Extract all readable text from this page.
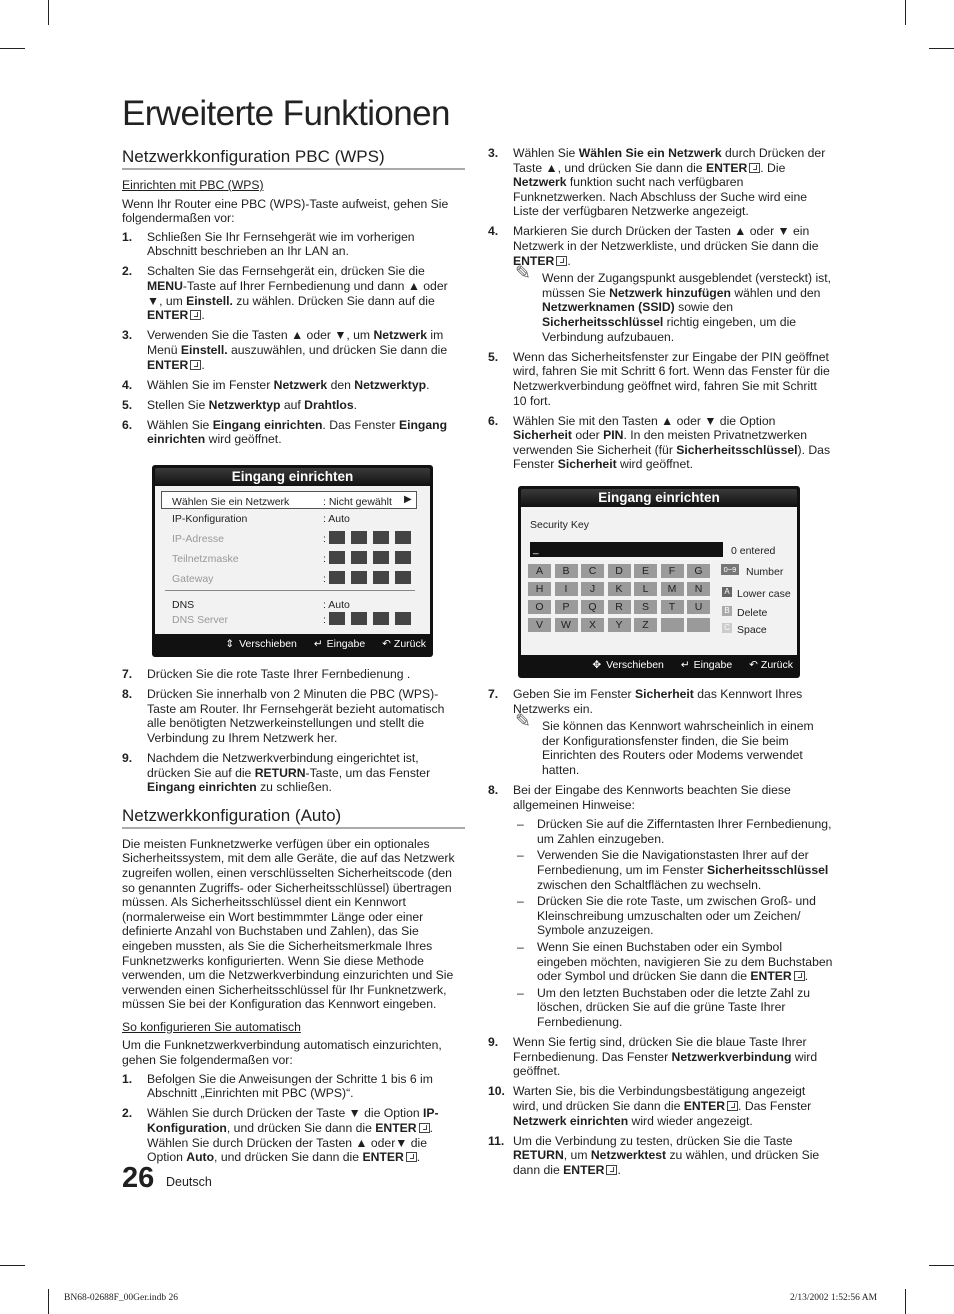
Erweiterte Funktionen
Netzwerkkonfiguration PBC (WPS)
Einrichten mit PBC (WPS)

Wenn Ihr Router eine PBC (WPS)-Taste aufweist, gehen Sie folgendermaßen vor:

1. Schließen Sie Ihr Fernsehgerät wie im vorherigen Abschnitt beschrieben an Ihr LAN an.
2. Schalten Sie das Fernsehgerät ein, drücken Sie die MENU-Taste auf Ihrer Fernbedienung und dann ▲ oder ▼, um Einstell. zu wählen. Drücken Sie dann auf die ENTER .
3. Verwenden Sie die Tasten ▲ oder ▼, um Netzwerk im Menü Einstell. auszuwählen, und drücken Sie dann die ENTER .
4. Wählen Sie im Fenster Netzwerk den Netzwerktyp.
5. Stellen Sie Netzwerktyp auf Drahtlos.
6. Wählen Sie Eingang einrichten. Das Fenster Eingang einrichten wird geöffnet.
Eingang einrichten
Wählen Sie ein Netzwerk	: Nicht gewählt ▶
IP-Konfiguration	: Auto
IP-Adresse	:
Teilnetzmaske	:
Gateway	:
DNS	: Auto
DNS Server	:
⇕ Verschieben ↵ Eingabe ↶ Zurück
7. Drücken Sie die rote Taste Ihrer Fernbedienung .
8. Drücken Sie innerhalb von 2 Minuten die PBC (WPS)-Taste am Router. Ihr Fernsehgerät bezieht automatisch alle benötigten Netzwerkeinstellungen und stellt die Verbindung zu Ihrem Netzwerk her.
9. Nachdem die Netzwerkverbindung eingerichtet ist, drücken Sie auf die RETURN-Taste, um das Fenster Eingang einrichten zu schließen.
Netzwerkkonfiguration (Auto)

Die meisten Funknetzwerke verfügen über ein optionales Sicherheitssystem, mit dem alle Geräte, die auf das Netzwerk zugreifen wollen, einen verschlüsselten Sicherheitscode (den so genannten Zugriffs- oder Sicherheitsschlüssel) übertragen müssen. Als Sicherheitsschlüssel dient ein Kennwort (normalerweise ein Wort bestimmmter Länge oder einer definierte Anzahl von Buchstaben und Zahlen), das Sie eingeben mussten, als Sie die Sicherheitsmerkmale Ihres Funknetzwerks konfigurierten. Wenn Sie diese Methode verwenden, um die Netzwerkverbindung einzurichten und Sie verwenden einen Sicherheitsschlüssel für Ihr Funknetzwerk, müssen Sie bei der Konfiguration das Kennwort eingeben.

So konfigurieren Sie automatisch

Um die Funknetzwerkverbindung automatisch einzurichten, gehen Sie folgendermaßen vor:

1. Befolgen Sie die Anweisungen der Schritte 1 bis 6 im Abschnitt „Einrichten mit PBC (WPS)“.
2. Wählen Sie durch Drücken der Taste ▼ die Option IP-Konfiguration, und drücken Sie dann die ENTER . Wählen Sie durch Drücken der Tasten ▲ oder▼ die Option Auto, und drücken Sie dann die ENTER .
3. Wählen Sie Wählen Sie ein Netzwerk durch Drücken der Taste ▲, und drücken Sie dann die ENTER . Die Netzwerk funktion sucht nach verfügbaren Funknetzwerken. Nach Abschluss der Suche wird eine Liste der verfügbaren Netzwerke angezeigt.
4. Markieren Sie durch Drücken der Tasten ▲ oder ▼ ein Netzwerk in der Netzwerkliste, und drücken Sie dann die ENTER .
✎ Wenn der Zugangspunkt ausgeblendet (versteckt) ist, müssen Sie Netzwerk hinzufügen wählen und den Netzwerknamen (SSID) sowie den Sicherheitsschlüssel richtig eingeben, um die Verbindung aufzubauen.
5. Wenn das Sicherheitsfenster zur Eingabe der PIN geöffnet wird, fahren Sie mit Schritt 6 fort. Wenn das Fenster für die Netzwerkverbindung geöffnet wird, fahren Sie mit Schritt 10 fort.
6. Wählen Sie mit den Tasten ▲ oder ▼ die Option Sicherheit oder PIN. In den meisten Privatnetzwerken verwenden Sie Sicherheit (für Sicherheitsschlüssel). Das Fenster Sicherheit wird geöffnet.
Eingang einrichten
Security Key
_	0 entered
A	B	C	D	E	F	G
H	I	J	K	L	M	N
O	P	Q	R	S	T	U
V	W	X	Y	Z
0~9 Number
A Lower case
B Delete
C Space
✥ Verschieben ↵ Eingabe ↶ Zurück
7. Geben Sie im Fenster Sicherheit das Kennwort Ihres Netzwerks ein.
✎ Sie können das Kennwort wahrscheinlich in einem der Konfigurationsfenster finden, die Sie beim Einrichten des Routers oder Modems verwendet hatten.
8. Bei der Eingabe des Kennworts beachten Sie diese allgemeinen Hinweise:
– Drücken Sie auf die Zifferntasten Ihrer Fernbedienung, um Zahlen einzugeben.
– Verwenden Sie die Navigationstasten Ihrer auf der Fernbedienung, um im Fenster Sicherheitsschlüssel zwischen den Schaltflächen zu wechseln.
– Drücken Sie die rote Taste, um zwischen Groß- und Kleinschreibung umzuschalten oder um Zeichen/ Symbole anzuzeigen.
– Wenn Sie einen Buchstaben oder ein Symbol eingeben möchten, navigieren Sie zu dem Buchstaben oder Symbol und drücken Sie dann die ENTER .
– Um den letzten Buchstaben oder die letzte Zahl zu löschen, drücken Sie auf die grüne Taste Ihrer Fernbedienung.
9. Wenn Sie fertig sind, drücken Sie die blaue Taste Ihrer Fernbedienung. Das Fenster Netzwerkverbindung wird geöffnet.
10. Warten Sie, bis die Verbindungsbestätigung angezeigt wird, und drücken Sie dann die ENTER . Das Fenster Netzwerk einrichten wird wieder angezeigt.
11. Um die Verbindung zu testen, drücken Sie die Taste RETURN, um Netzwerktest zu wählen, und drücken Sie dann die ENTER .
26 Deutsch
BN68-02688F_00Ger.indb 26	2/13/2002 1:52:56 AM
